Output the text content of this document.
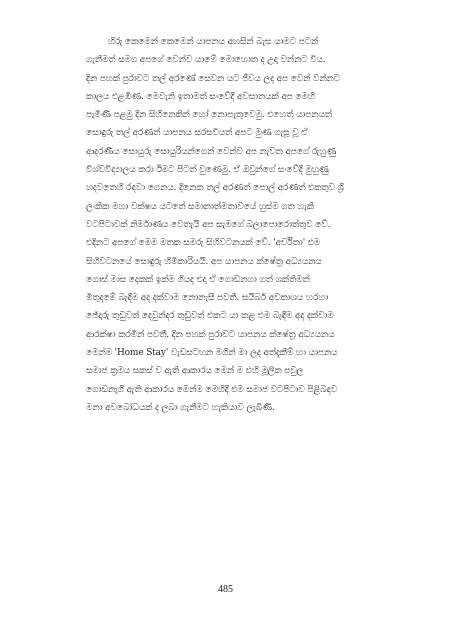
හිරු කෙමෙන් කෙමෙන් යාපනය අහසින් බැස යාමට පටන්
ගැනීමත් සමග අපගේ වෙන්ව යාමේ මොහොත ද උදා වන්නට විය.
දින පහක් පුරාවට තල් අරණේ සෙවන යට ජීවය ලද අප වෙන් වන්නට
කාලය එළඹිණ. මෙවැනි ඉතාමත් සංවේදී අවසානයක් අප මෙහි
පැමිණි පළමු දින සිහිනෙකින් හෝ නොපැතුවෙමු. එහෙත් යාපනයත්
සොඳුරු තල් අරණත් යාපනය සරසවියත් අපට මුණ ගැසූ වූ ඒ
ආදරණීය සොයුරු සොයුරියන්ගෙන් වෙන්ව අප නැවත අපගේ රුහුණු
විශ්වවිද්‍යාලය කරා ඊමට පිටත් වුණෙමු. ඒ ඔවුන්ගේ සංවේදී මුහුණු
හදවතෙහි රඳවා ගෙනය. දිනෙක තල් අරණත් පොල් අරණත් එකතුව ශ්‍රී
ලංකික මහා වක්ෂය යටතේ සමානාත්මතාවයේ හුස්ම ගත හැකි
වටපිටාවක් නිර්මාණය වෙතැයි අප සැමගේ බලාපොරොත්තුව වේ.
එදිනට අපගේ මෙම මතක සමරු සිහිවටනයක් වේ. 'අර්චිතා' එම
සිහිවටනයේ සොඳුරු හිමිකාරියයි. අප යාපනය ක්ෂේත්‍ර අධ්‍යයනය
ගොස් මාස දෙකක් ඉක්ම ගියද එදා ඒ ගොඩනගා ගත් ශක්තිමත්
මිතුදමේ බැඳීම අද දක්වාම නොනැසී පවතී. සයිබර් අවකාශය හරහා
ජේද්‍රුරු තුඩුවත් දෙවුන්දර තුඩුවත් එකට යා කළ එම බැඳීම අද දක්වාම
ආරක්ෂා කරමින් පවතී. දින පහක් පුරාවට යාපනය ක්ෂේත්‍ර අධ්‍යයනය
මෙන්ම 'Home Stay' වැඩසටහන මගින් මා ලද අත්දැකීම් හා යාපනය
සමාජ ක්‍රමය සකස් ව ඇති ආකාරය මෙන් ම එහි මූලික පවුල
ගොඩනැගී ඇති ආකාරය මෙන්ම මෙහිදී එම සමාජ වටපිටාව පිළිබඳව
මනා අවබෝධයක් ද ලබා ගැනීමට හැකියාව ලැබිණි.
485
